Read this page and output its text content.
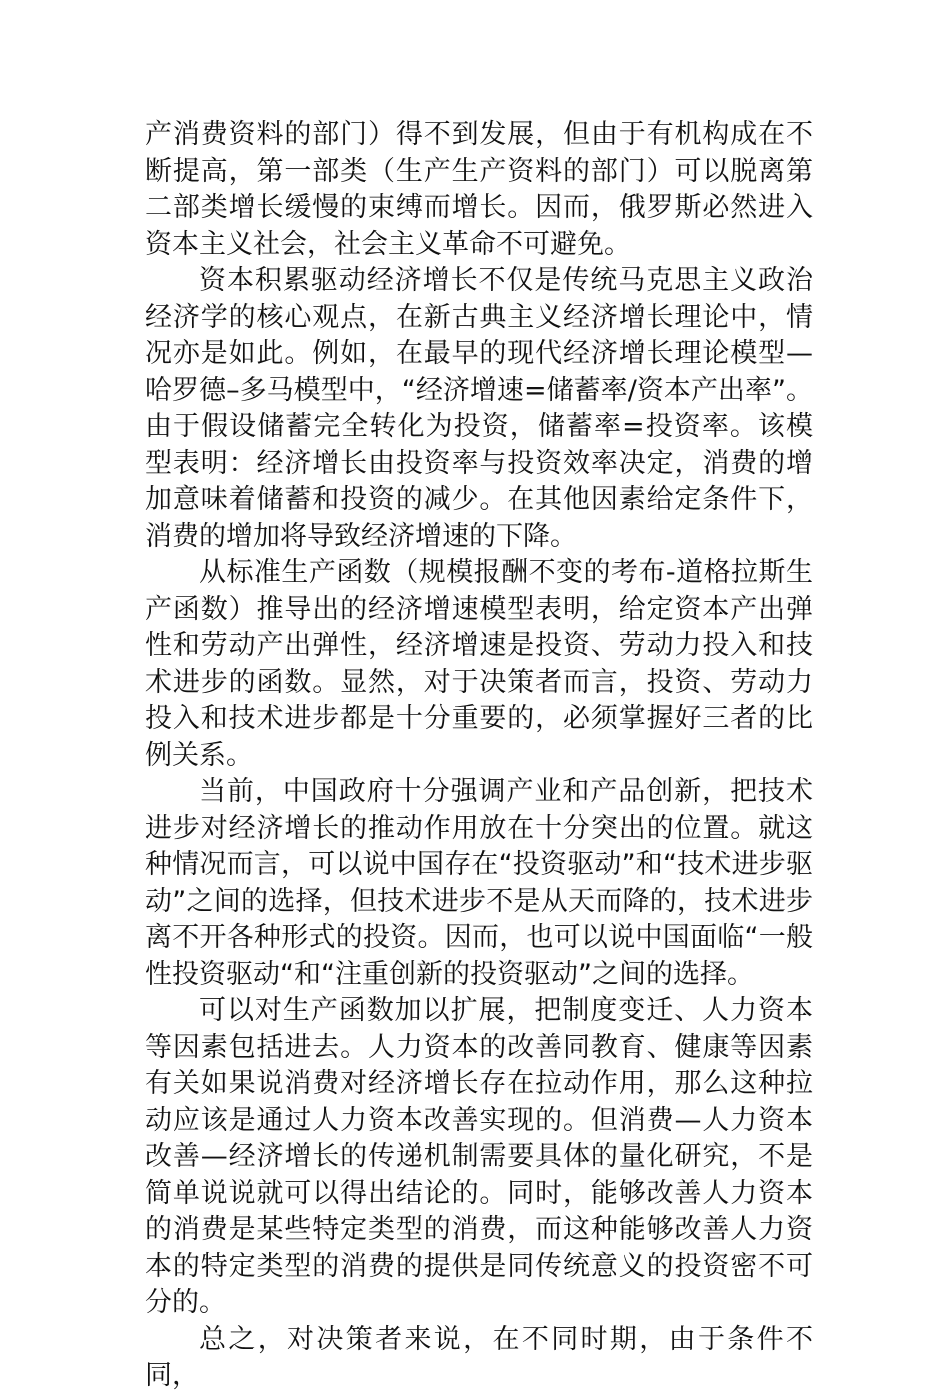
产消费资料的部门）得不到发展，但由于有机构成在不断提高，第一部类（生产生产资料的部门）可以脱离第二部类增长缓慢的束缚而增长。因而，俄罗斯必然进入资本主义社会，社会主义革命不可避免。

资本积累驱动经济增长不仅是传统马克思主义政治经济学的核心观点，在新古典主义经济增长理论中，情况亦是如此。例如，在最早的现代经济增长理论模型—哈罗德–多马模型中，“经济增速=储蓄率/资本产出率”。由于假设储蓄完全转化为投资，储蓄率=投资率。该模型表明：经济增长由投资率与投资效率决定，消费的增加意味着储蓄和投资的减少。在其他因素给定条件下，消费的增加将导致经济增速的下降。

从标准生产函数（规模报酬不变的考布-道格拉斯生产函数）推导出的经济增速模型表明，给定资本产出弹性和劳动产出弹性，经济增速是投资、劳动力投入和技术进步的函数。显然，对于决策者而言，投资、劳动力投入和技术进步都是十分重要的，必须掌握好三者的比例关系。

当前，中国政府十分强调产业和产品创新，把技术进步对经济增长的推动作用放在十分突出的位置。就这种情况而言，可以说中国存在“投资驱动”和“技术进步驱动”之间的选择，但技术进步不是从天而降的，技术进步离不开各种形式的投资。因而，也可以说中国面临“一般性投资驱动“和“注重创新的投资驱动”之间的选择。

可以对生产函数加以扩展，把制度变迁、人力资本等因素包括进去。人力资本的改善同教育、健康等因素有关如果说消费对经济增长存在拉动作用，那么这种拉动应该是通过人力资本改善实现的。但消费—人力资本改善—经济增长的传递机制需要具体的量化研究，不是简单说说就可以得出结论的。同时，能够改善人力资本的消费是某些特定类型的消费，而这种能够改善人力资本的特定类型的消费的提供是同传统意义的投资密不可分的。

总之，对决策者来说，在不同时期，由于条件不同，
